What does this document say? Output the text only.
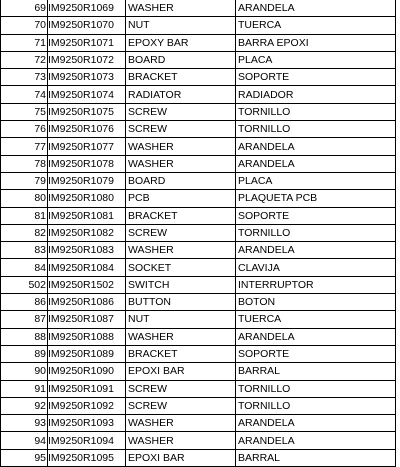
69	IM9250R1069	WASHER	ARANDELA
70	IM9250R1070	NUT	TUERCA
71	IM9250R1071	EPOXY BAR	BARRA EPOXI
72	IM9250R1072	BOARD	PLACA
73	IM9250R1073	BRACKET	SOPORTE
74	IM9250R1074	RADIATOR	RADIADOR
75	IM9250R1075	SCREW	TORNILLO
76	IM9250R1076	SCREW	TORNILLO
77	IM9250R1077	WASHER	ARANDELA
78	IM9250R1078	WASHER	ARANDELA
79	IM9250R1079	BOARD	PLACA
80	IM9250R1080	PCB	PLAQUETA PCB
81	IM9250R1081	BRACKET	SOPORTE
82	IM9250R1082	SCREW	TORNILLO
83	IM9250R1083	WASHER	ARANDELA
84	IM9250R1084	SOCKET	CLAVIJA
502	IM9250R1502	SWITCH	INTERRUPTOR
86	IM9250R1086	BUTTON	BOTON
87	IM9250R1087	NUT	TUERCA
88	IM9250R1088	WASHER	ARANDELA
89	IM9250R1089	BRACKET	SOPORTE
90	IM9250R1090	EPOXI BAR	BARRAL
91	IM9250R1091	SCREW	TORNILLO
92	IM9250R1092	SCREW	TORNILLO
93	IM9250R1093	WASHER	ARANDELA
94	IM9250R1094	WASHER	ARANDELA
95	IM9250R1095	EPOXI BAR	BARRAL
